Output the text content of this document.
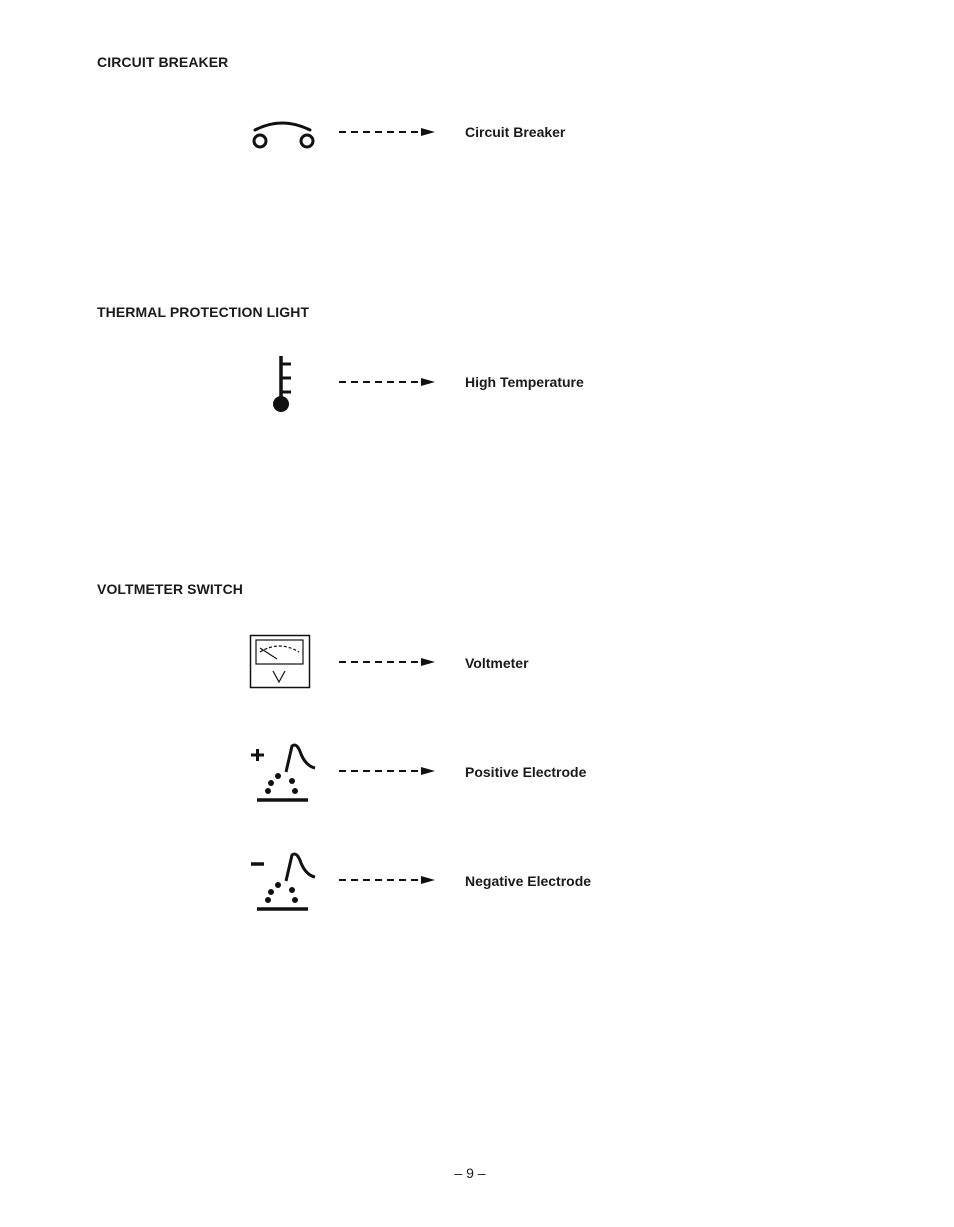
CIRCUIT BREAKER
Circuit Breaker
THERMAL PROTECTION LIGHT
High Temperature
VOLTMETER SWITCH
Voltmeter
Positive Electrode
Negative Electrode
– 9 –
